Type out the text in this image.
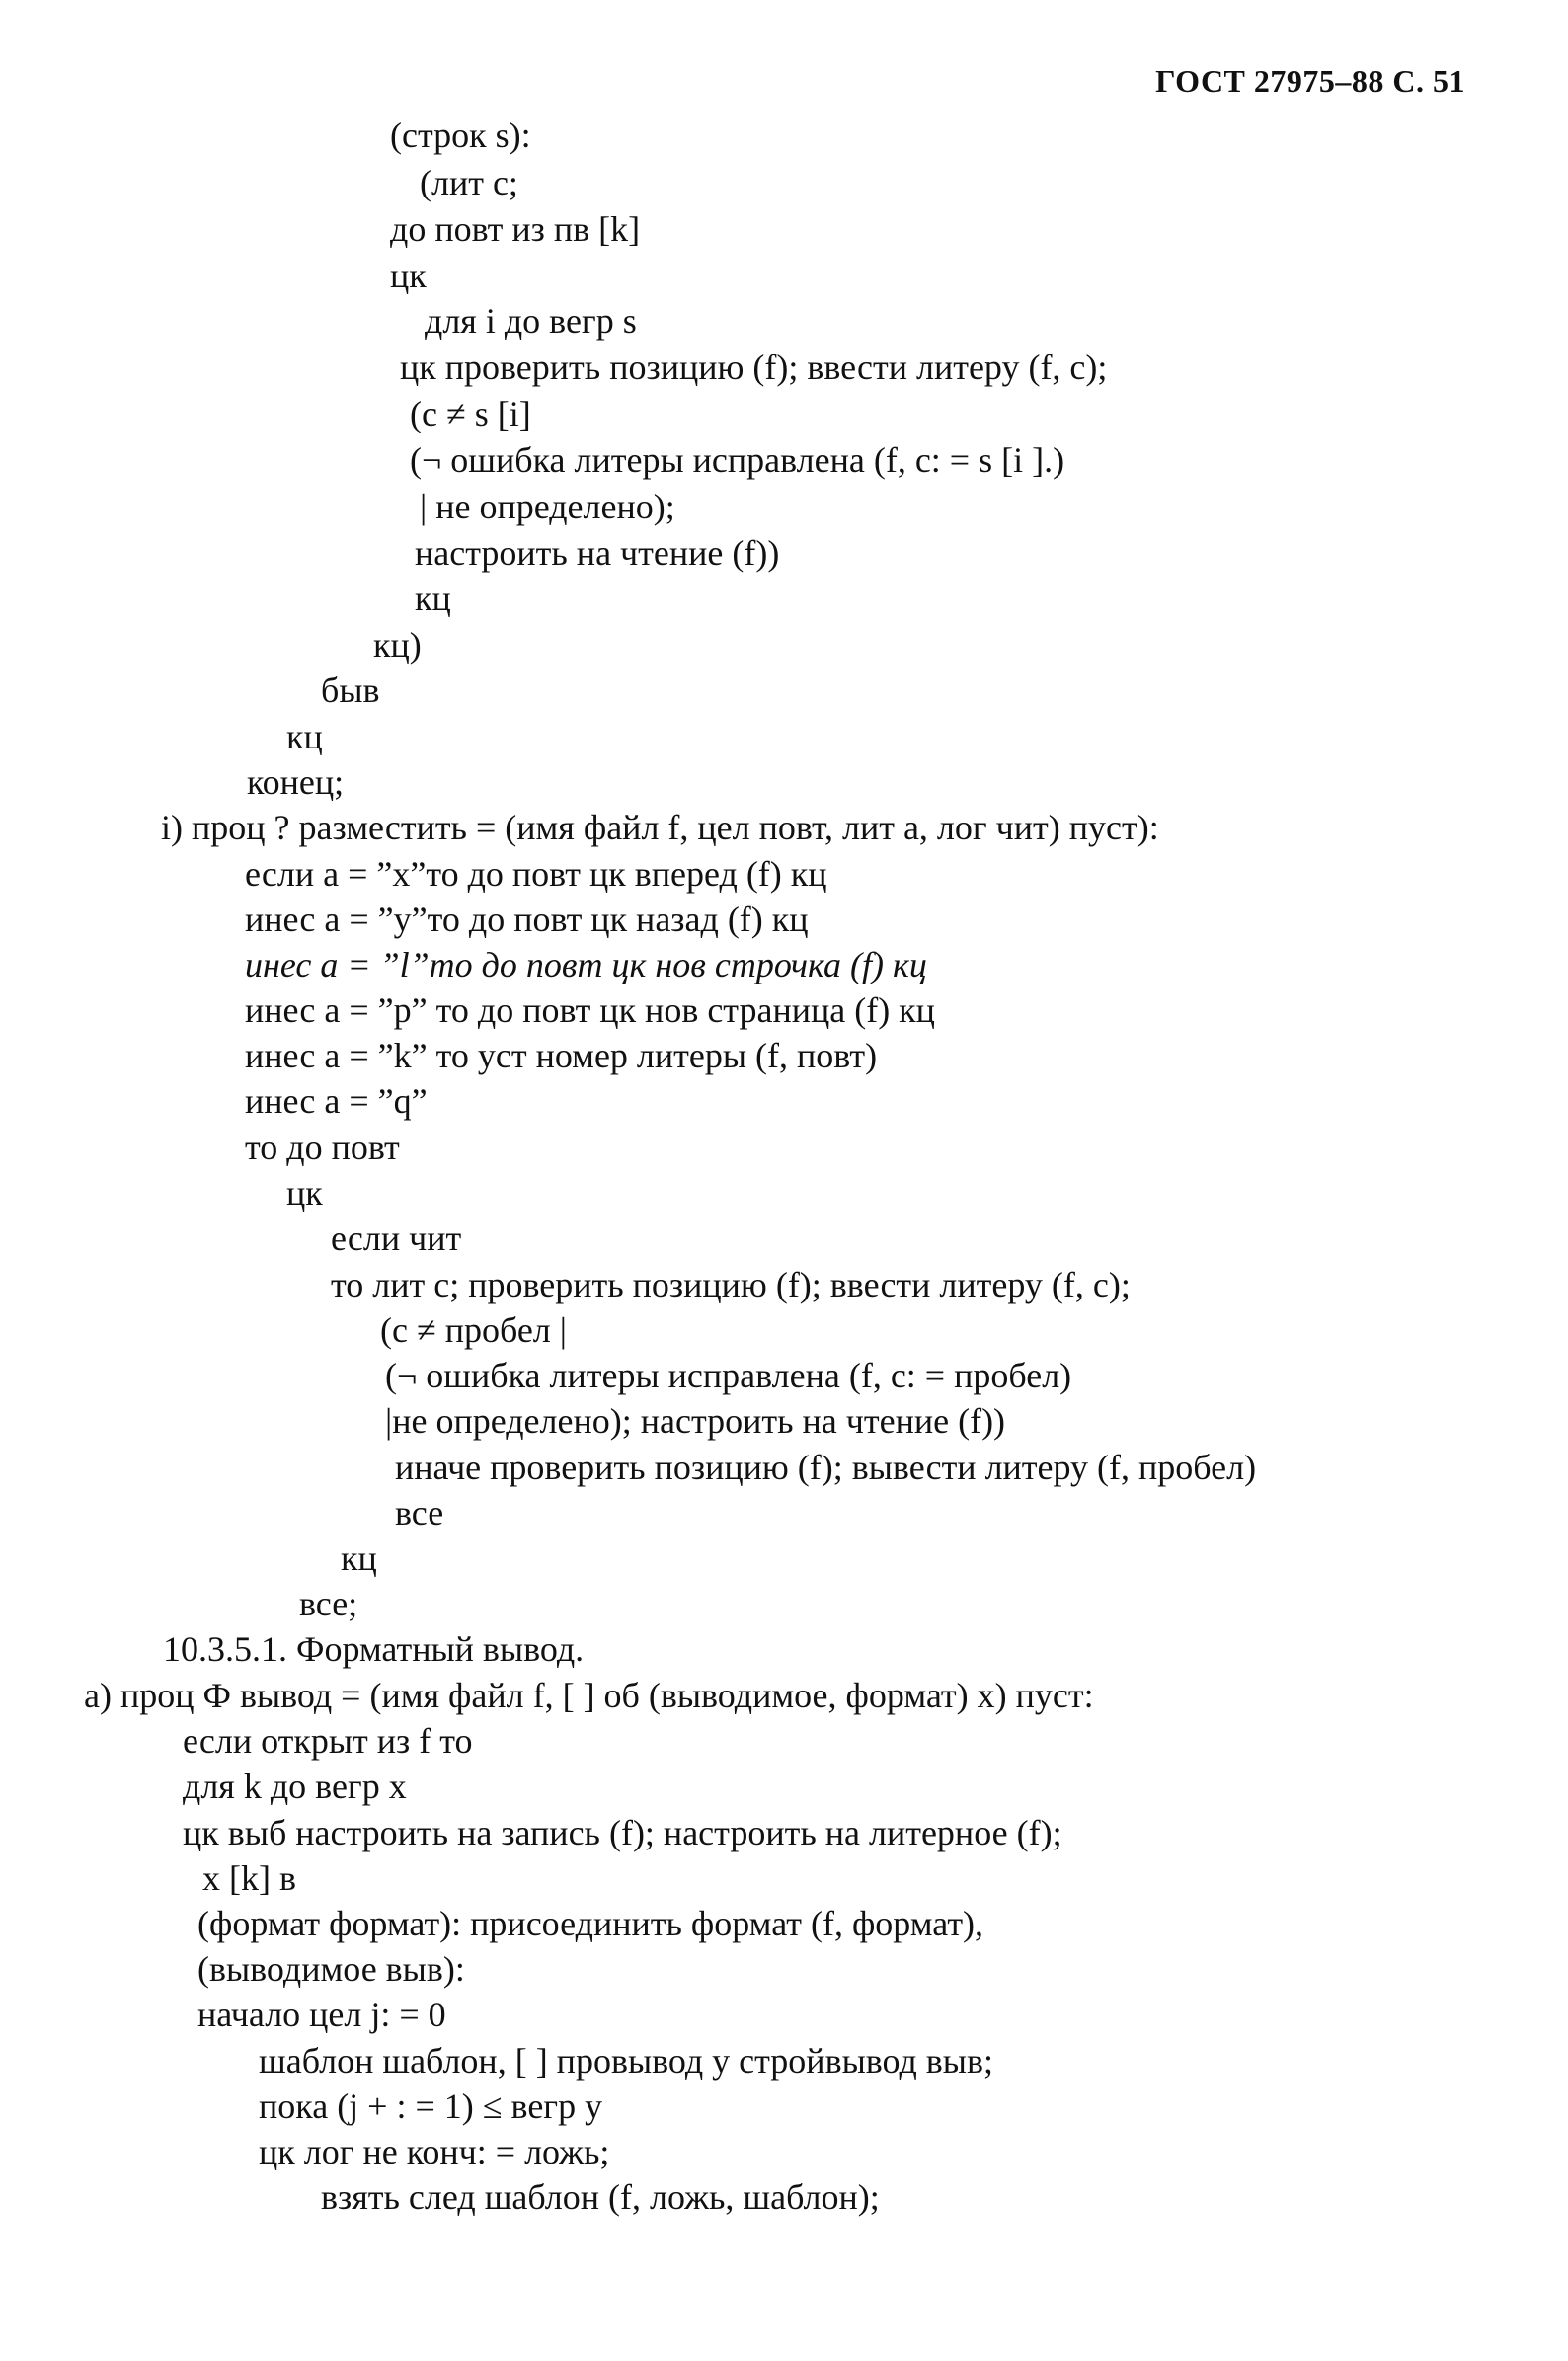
ГОСТ 27975–88 С. 51
(строк s):
(лит с;
до повт из пв [k]
цк
для i до вегр s
цк проверить позицию (f); ввести литеру (f, c);
(c ≠ s [i]
(¬ ошибка литеры исправлена (f, c: = s [i ].)
| не определено);
настроить на чтение (f))
кц
кц)
быв
кц
конец;
i) проц ? разместить = (имя файл f, цел повт, лит a, лог чит) пуст):
если a = ”x”то до повт цк вперед (f) кц
инес a = ”y”то до повт цк назад (f) кц
инес a = ”l”то до повт цк нов строчка (f) кц
инес a = ”p” то до повт цк нов страница (f) кц
инес a = ”k” то уст номер литеры (f, повт)
инес a = ”q”
то до повт
цк
если чит
то лит с; проверить позицию (f); ввести литеру (f, c);
(c ≠ пробел |
(¬ ошибка литеры исправлена (f, c: = пробел)
|не определено); настроить на чтение (f))
иначе проверить позицию (f); вывести литеру (f, пробел)
все
кц
все;
10.3.5.1. Форматный вывод.
а) проц Ф вывод = (имя файл f, [ ] об (выводимое, формат) x) пуст:
если открыт из f то
для k до вегр x
цк выб настроить на запись (f); настроить на литерное (f);
x [k] в
(формат формат): присоединить формат (f, формат),
(выводимое выв):
начало цел j: = 0
шаблон шаблон, [ ] провывод у стройвывод выв;
пока (j + : = 1) ≤ вегр y
цк лог не конч: = ложь;
взять след шаблон (f, ложь, шаблон);
